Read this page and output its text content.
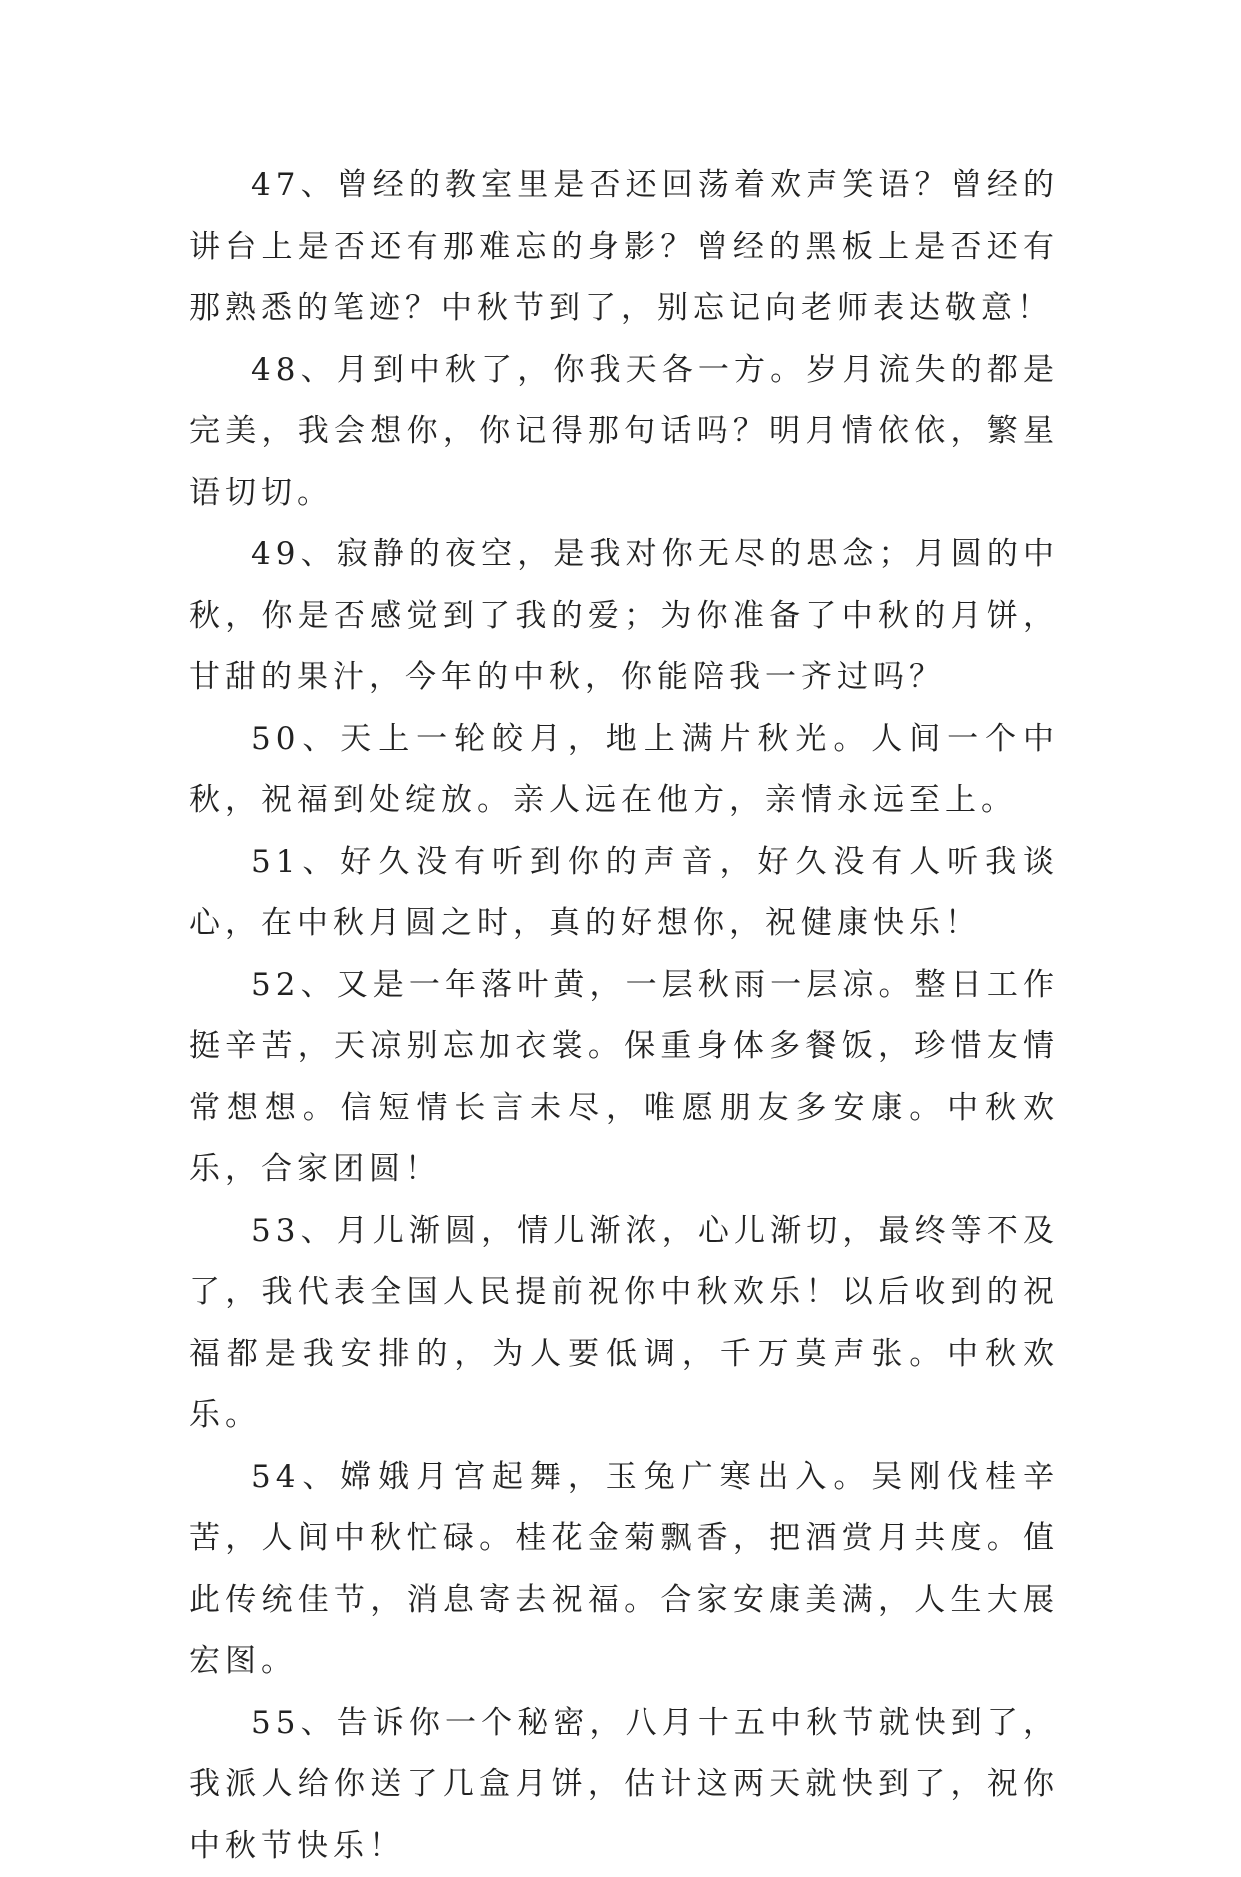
47、曾经的教室里是否还回荡着欢声笑语？曾经的讲台上是否还有那难忘的身影？曾经的黑板上是否还有那熟悉的笔迹？中秋节到了，别忘记向老师表达敬意！

48、月到中秋了，你我天各一方。岁月流失的都是完美，我会想你，你记得那句话吗？明月情依依，繁星语切切。

49、寂静的夜空，是我对你无尽的思念；月圆的中秋，你是否感觉到了我的爱；为你准备了中秋的月饼，甘甜的果汁，今年的中秋，你能陪我一齐过吗？

50、天上一轮皎月，地上满片秋光。人间一个中秋，祝福到处绽放。亲人远在他方，亲情永远至上。

51、好久没有听到你的声音，好久没有人听我谈心，在中秋月圆之时，真的好想你，祝健康快乐！

52、又是一年落叶黄，一层秋雨一层凉。整日工作挺辛苦，天凉别忘加衣裳。保重身体多餐饭，珍惜友情常想想。信短情长言未尽，唯愿朋友多安康。中秋欢乐，合家团圆！

53、月儿渐圆，情儿渐浓，心儿渐切，最终等不及了，我代表全国人民提前祝你中秋欢乐！以后收到的祝福都是我安排的，为人要低调，千万莫声张。中秋欢乐。

54、嫦娥月宫起舞，玉兔广寒出入。吴刚伐桂辛苦，人间中秋忙碌。桂花金菊飘香，把酒赏月共度。值此传统佳节，消息寄去祝福。合家安康美满，人生大展宏图。

55、告诉你一个秘密，八月十五中秋节就快到了，我派人给你送了几盒月饼，估计这两天就快到了，祝你中秋节快乐！
